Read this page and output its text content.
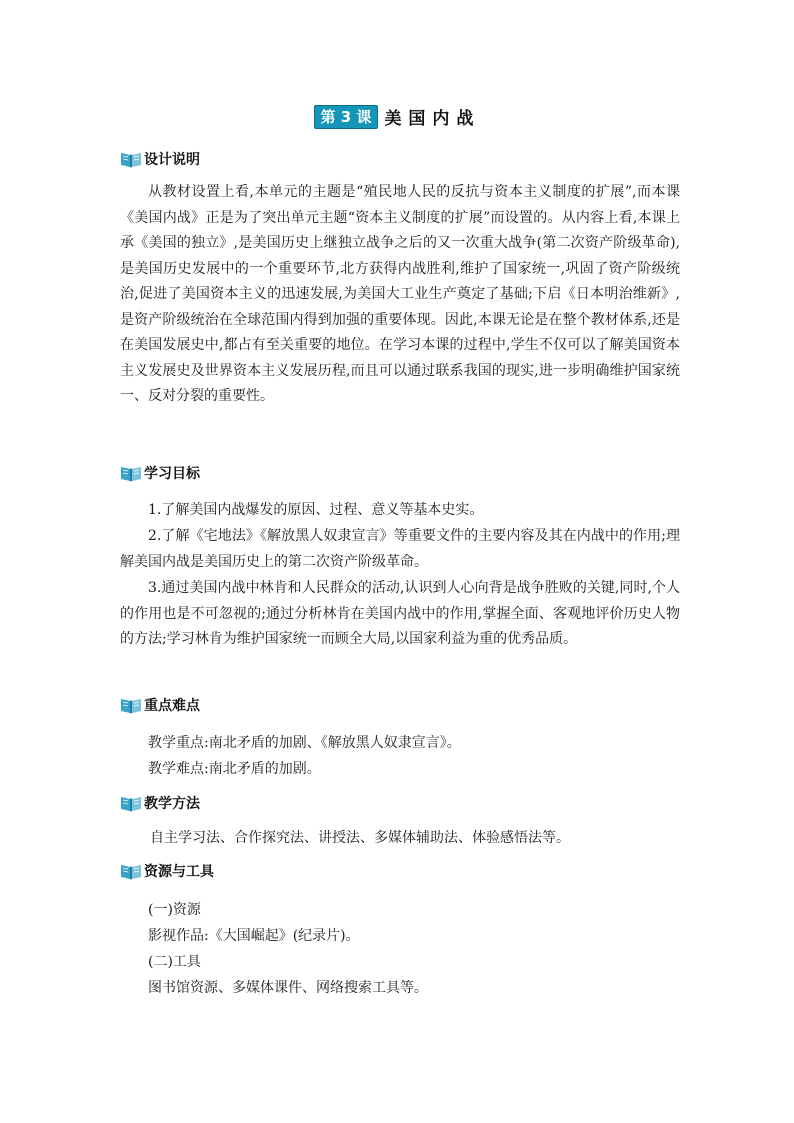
第 3 课 美国内战
设计说明

从教材设置上看,本单元的主题是“殖民地人民的反抗与资本主义制度的扩展”,而本课《美国内战》正是为了突出单元主题“资本主义制度的扩展”而设置的。从内容上看,本课上承《美国的独立》,是美国历史上继独立战争之后的又一次重大战争(第二次资产阶级革命),是美国历史发展中的一个重要环节,北方获得内战胜利,维护了国家统一,巩固了资产阶级统治,促进了美国资本主义的迅速发展,为美国大工业生产奠定了基础;下启《日本明治维新》,是资产阶级统治在全球范围内得到加强的重要体现。因此,本课无论是在整个教材体系,还是在美国发展史中,都占有至关重要的地位。在学习本课的过程中,学生不仅可以了解美国资本主义发展史及世界资本主义发展历程,而且可以通过联系我国的现实,进一步明确维护国家统一、反对分裂的重要性。

学习目标

1.了解美国内战爆发的原因、过程、意义等基本史实。

2.了解《宅地法》《解放黑人奴隶宣言》等重要文件的主要内容及其在内战中的作用;理解美国内战是美国历史上的第二次资产阶级革命。

3.通过美国内战中林肯和人民群众的活动,认识到人心向背是战争胜败的关键,同时,个人的作用也是不可忽视的;通过分析林肯在美国内战中的作用,掌握全面、客观地评价历史人物的方法;学习林肯为维护国家统一而顾全大局,以国家利益为重的优秀品质。

重点难点

教学重点:南北矛盾的加剧、《解放黑人奴隶宣言》。

教学难点:南北矛盾的加剧。

教学方法

自主学习法、合作探究法、讲授法、多媒体辅助法、体验感悟法等。

资源与工具

(一)资源

影视作品:《大国崛起》(纪录片)。

(二)工具

图书馆资源、多媒体课件、网络搜索工具等。
